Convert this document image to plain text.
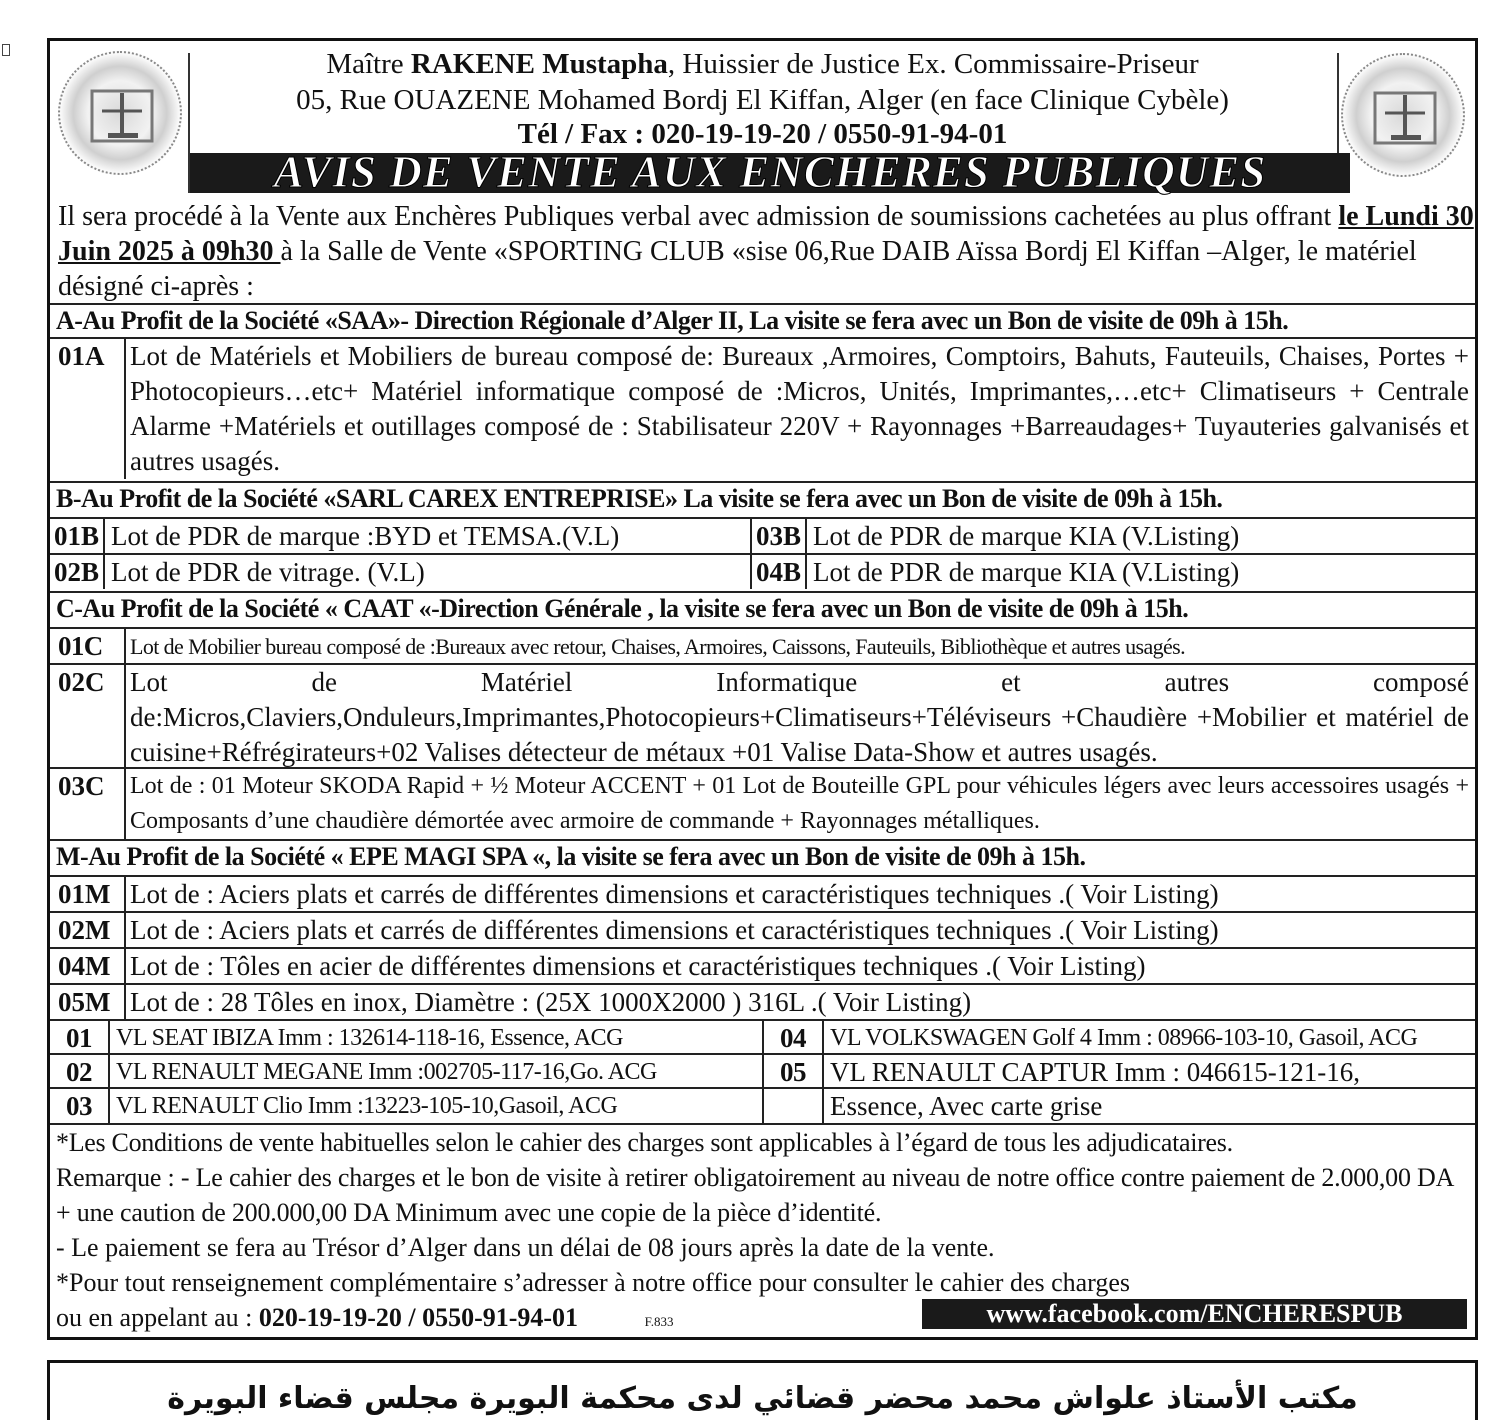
Maître RAKENE Mustapha, Huissier de Justice Ex. Commissaire-Priseur
05, Rue OUAZENE Mohamed Bordj El Kiffan, Alger (en face Clinique Cybèle)
Tél / Fax : 020-19-19-20 / 0550-91-94-01
AVIS DE VENTE AUX ENCHERES PUBLIQUES
Il sera procédé à la Vente aux Enchères Publiques verbal avec admission de soumissions cachetées au plus offrant le Lundi 30 Juin 2025 à 09h30 à la Salle de Vente «SPORTING CLUB «sise 06,Rue DAIB Aïssa Bordj El Kiffan –Alger, le matériel désigné ci-après :
A-Au Profit de la Société «SAA»- Direction Régionale d’Alger II, La visite se fera avec un Bon de visite de 09h à 15h.
01A Lot de Matériels et Mobiliers de bureau composé de: Bureaux ,Armoires, Comptoirs, Bahuts, Fauteuils, Chaises, Portes + Photocopieurs…etc+ Matériel informatique composé de :Micros, Unités, Imprimantes,…etc+ Climatiseurs + Centrale Alarme +Matériels et outillages composé de : Stabilisateur 220V + Rayonnages +Barreaudages+ Tuyauteries galvanisés et autres usagés.
B-Au Profit de la Société «SARL CAREX ENTREPRISE» La visite se fera avec un Bon de visite de 09h à 15h.
01B Lot de PDR de marque :BYD et TEMSA.(V.L)	03B Lot de PDR de marque KIA (V.Listing)
02B Lot de PDR de vitrage. (V.L)	04B Lot de PDR de marque KIA (V.Listing)
C-Au Profit de la Société « CAAT «-Direction Générale , la visite se fera avec un Bon de visite de 09h à 15h.
01C	Lot de Mobilier bureau composé de :Bureaux avec retour, Chaises, Armoires, Caissons, Fauteuils, Bibliothèque et autres usagés.
02C Lot de Matériel Informatique et autres composé de:Micros,Claviers,Onduleurs,Imprimantes,Photocopieurs+Climatiseurs+Téléviseurs +Chaudière +Mobilier et matériel de cuisine+Réfrégirateurs+02 Valises détecteur de métaux +01 Valise Data-Show et autres usagés.
03C	Lot de : 01 Moteur SKODA Rapid + ½ Moteur ACCENT + 01 Lot de Bouteille GPL pour véhicules légers avec leurs accessoires usagés + Composants d’une chaudière démortée avec armoire de commande + Rayonnages métalliques.
M-Au Profit de la Société « EPE MAGI SPA «, la visite se fera avec un Bon de visite de 09h à 15h.
01M Lot de : Aciers plats et carrés de différentes dimensions et caractéristiques techniques .( Voir Listing)
02M Lot de : Aciers plats et carrés de différentes dimensions et caractéristiques techniques .( Voir Listing)
04M Lot de : Tôles en acier de différentes dimensions et caractéristiques techniques .( Voir Listing)
05M Lot de : 28 Tôles en inox, Diamètre : (25X 1000X2000 ) 316L .( Voir Listing)
01	VL SEAT IBIZA Imm : 132614-118-16, Essence, ACG	04	VL VOLKSWAGEN Golf 4 Imm : 08966-103-10, Gasoil, ACG
02	VL RENAULT MEGANE Imm :002705-117-16,Go. ACG	05 VL RENAULT CAPTUR Imm : 046615-121-16,
03	VL RENAULT Clio Imm :13223-105-10,Gasoil, ACG	Essence, Avec carte grise
*Les Conditions de vente habituelles selon le cahier des charges sont applicables à l’égard de tous les adjudicataires.
Remarque : - Le cahier des charges et le bon de visite à retirer obligatoirement au niveau de notre office contre paiement de 2.000,00 DA + une caution de 200.000,00 DA Minimum avec une copie de la pièce d’identité.
- Le paiement se fera au Trésor d’Alger dans un délai de 08 jours après la date de la vente.
*Pour tout renseignement complémentaire s’adresser à notre office pour consulter le cahier des charges
ou en appelant au : 020-19-19-20 / 0550-91-94-01	F.833	www.facebook.com/ENCHERESPUB
مكتب الأستاذ علواش محمد محضر قضائي لدى محكمة البويرة مجلس قضاء البويرة
